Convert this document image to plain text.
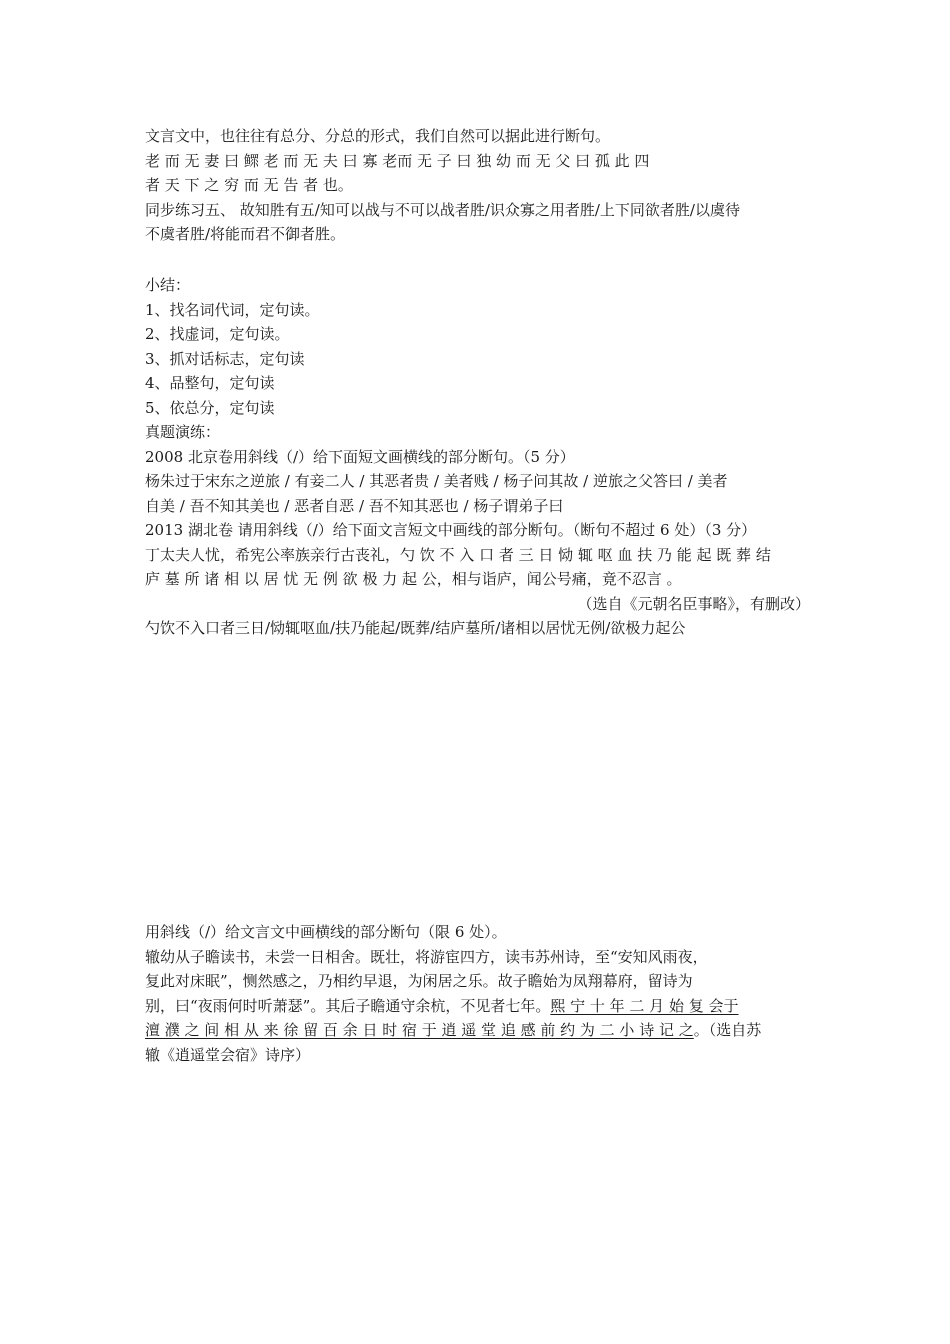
文言文中，也往往有总分、分总的形式，我们自然可以据此进行断句。
老 而 无 妻 曰 鳏 老 而 无 夫 曰 寡 老而 无 子 曰 独 幼 而 无 父 曰 孤 此 四
者 天 下 之 穷 而 无 告 者 也。
同步练习五、 故知胜有五/知可以战与不可以战者胜/识众寡之用者胜/上下同欲者胜/以虞待
不虞者胜/将能而君不御者胜。
小结：
1、找名词代词，定句读。
2、找虚词，定句读。
3、抓对话标志，定句读
4、品整句，定句读
5、依总分，定句读
真题演练：
2008 北京卷用斜线（/）给下面短文画横线的部分断句。（5 分）
杨朱过于宋东之逆旅 / 有妾二人 / 其恶者贵 / 美者贱 / 杨子问其故 / 逆旅之父答曰 / 美者
自美 / 吾不知其美也 / 恶者自恶 / 吾不知其恶也 / 杨子谓弟子曰
2013 湖北卷 请用斜线（/）给下面文言短文中画线的部分断句。（断句不超过 6 处）（3 分）
丁太夫人忧，希宪公率族亲行古丧礼，勺 饮 不 入 口 者 三 日 恸 辄 呕 血 扶 乃 能 起 既 葬 结
庐 墓 所 诸 相 以 居 忧 无 例 欲 极 力 起 公，相与诣庐，闻公号痛，竟不忍言 。
（选自《元朝名臣事略》，有删改）
勺饮不入口者三日/恸辄呕血/扶乃能起/既葬/结庐墓所/诸相以居忧无例/欲极力起公
用斜线（/）给文言文中画横线的部分断句（限 6 处）。
辙幼从子瞻读书，未尝一日相舍。既壮，将游宦四方，读韦苏州诗，至“安知风雨夜，
复此对床眠”，恻然感之，乃相约早退，为闲居之乐。故子瞻始为凤翔幕府，留诗为
别，曰“夜雨何时听萧瑟”。其后子瞻通守余杭，不见者七年。熙 宁 十 年 二 月 始 复 会于
澶 濮 之 间 相 从 来 徐 留 百 余 日 时 宿 于 逍 遥 堂 追 感 前 约 为 二 小 诗 记 之。（选自苏
辙《逍遥堂会宿》诗序）
